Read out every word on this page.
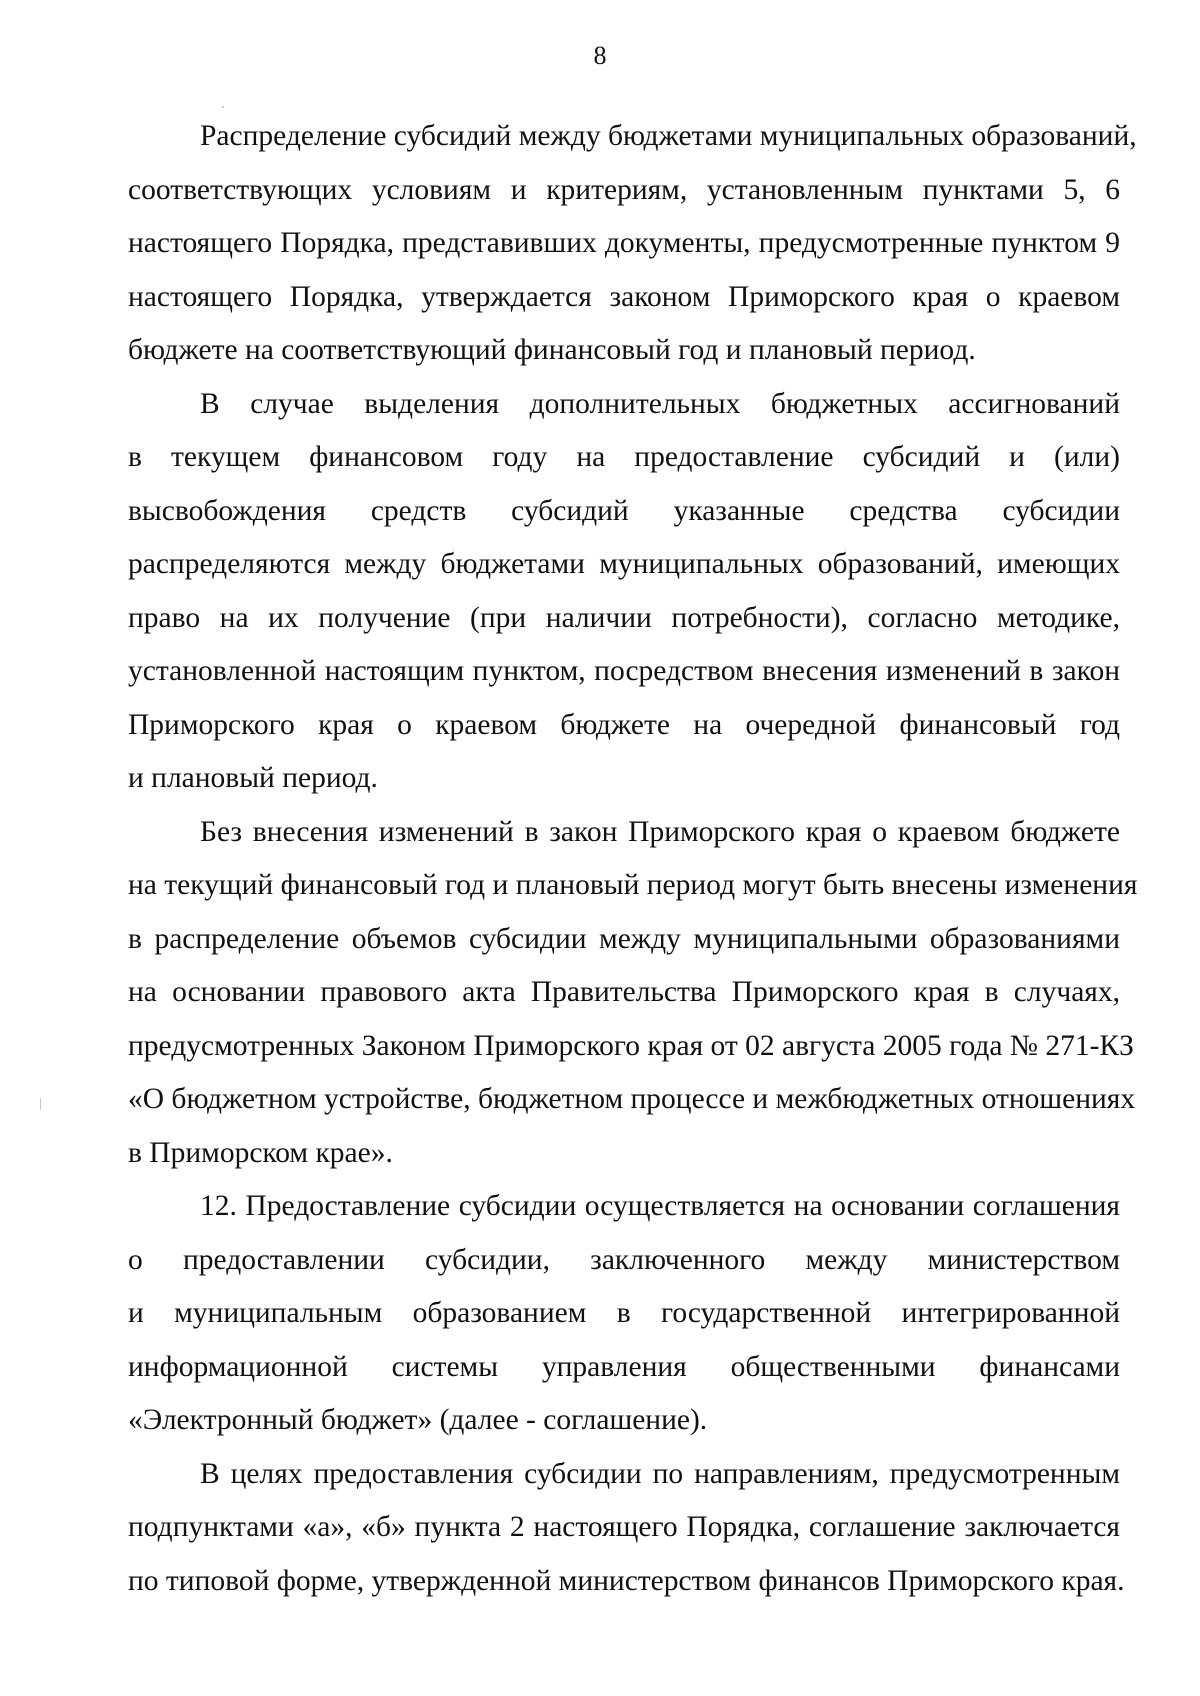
8
Распределение субсидий между бюджетами муниципальных образований,
соответствующих условиям и критериям, установленным пунктами 5, 6
настоящего Порядка, представивших документы, предусмотренные пунктом 9
настоящего Порядка, утверждается законом Приморского края о краевом
бюджете на соответствующий финансовый год и плановый период.
В случае выделения дополнительных бюджетных ассигнований
в текущем финансовом году на предоставление субсидий и (или)
высвобождения средств субсидий указанные средства субсидии
распределяются между бюджетами муниципальных образований, имеющих
право на их получение (при наличии потребности), согласно методике,
установленной настоящим пунктом, посредством внесения изменений в закон
Приморского края о краевом бюджете на очередной финансовый год
и плановый период.
Без внесения изменений в закон Приморского края о краевом бюджете
на текущий финансовый год и плановый период могут быть внесены изменения
в распределение объемов субсидии между муниципальными образованиями
на основании правового акта Правительства Приморского края в случаях,
предусмотренных Законом Приморского края от 02 августа 2005 года № 271-КЗ
«О бюджетном устройстве, бюджетном процессе и межбюджетных отношениях
в Приморском крае».
12. Предоставление субсидии осуществляется на основании соглашения
о предоставлении субсидии, заключенного между министерством
и муниципальным образованием в государственной интегрированной
информационной системы управления общественными финансами
«Электронный бюджет» (далее - соглашение).
В целях предоставления субсидии по направлениям, предусмотренным
подпунктами «а», «б» пункта 2 настоящего Порядка, соглашение заключается
по типовой форме, утвержденной министерством финансов Приморского края.
